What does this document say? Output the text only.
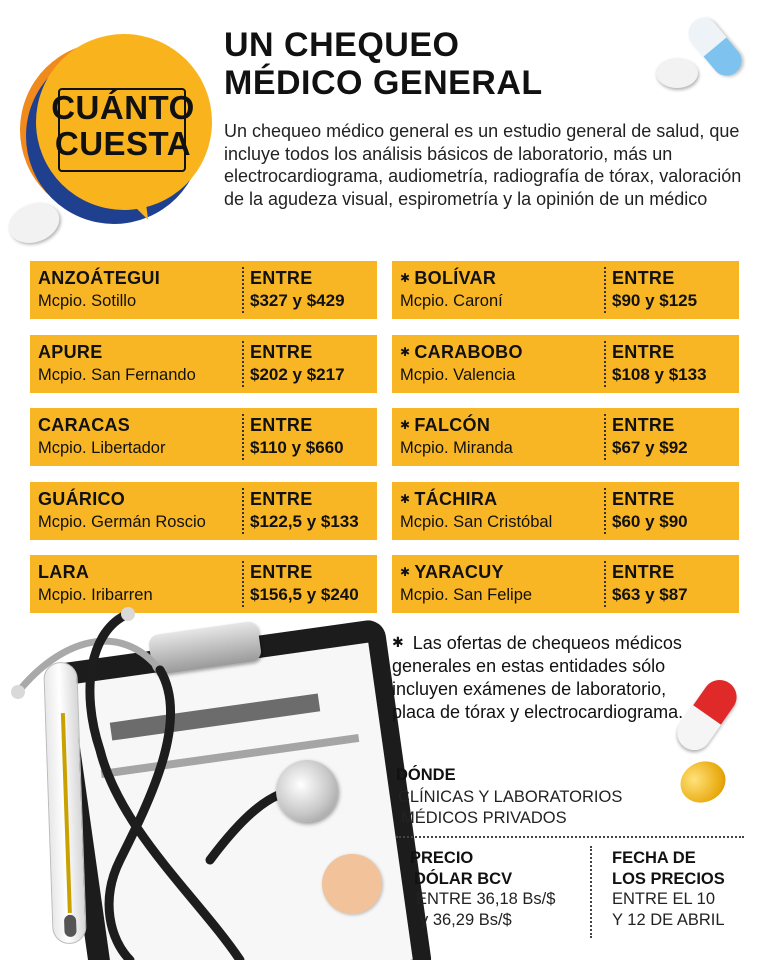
CUÁNTO
CUESTA
UN CHEQUEO
MÉDICO GENERAL

Un chequeo médico general es un estudio general de salud, que incluye todos los análisis básicos de laboratorio, más un electrocardiograma, audiometría, radiografía de tórax, valoración de la agudeza visual, espirometría y la opinión de un médico

ANZOÁTEGUI
Mcpio. Sotillo
ENTRE
$327 y $429
APURE
Mcpio. San Fernando
ENTRE
$202 y $217
CARACAS
Mcpio. Libertador
ENTRE
$110 y $660
GUÁRICO
Mcpio. Germán Roscio
ENTRE
$122,5 y $133
LARA
Mcpio. Iribarren
ENTRE
$156,5 y $240
✱ BOLÍVAR
Mcpio. Caroní
ENTRE
$90 y $125
✱ CARABOBO
Mcpio. Valencia
ENTRE
$108 y $133
✱ FALCÓN
Mcpio. Miranda
ENTRE
$67 y $92
✱ TÁCHIRA
Mcpio. San Cristóbal
ENTRE
$60 y $90
✱ YARACUY
Mcpio. San Felipe
ENTRE
$63 y $87

✱ Las ofertas de chequeos médicos generales en estas entidades sólo incluyen exámenes de laboratorio, placa de tórax y electrocardiograma.

DÓNDE
CLÍNICAS Y LABORATORIOS
MÉDICOS PRIVADOS
PRECIO
DÓLAR BCV
ENTRE 36,18 Bs/$
y 36,29 Bs/$
FECHA DE
LOS PRECIOS
ENTRE EL 10
Y 12 DE ABRIL
